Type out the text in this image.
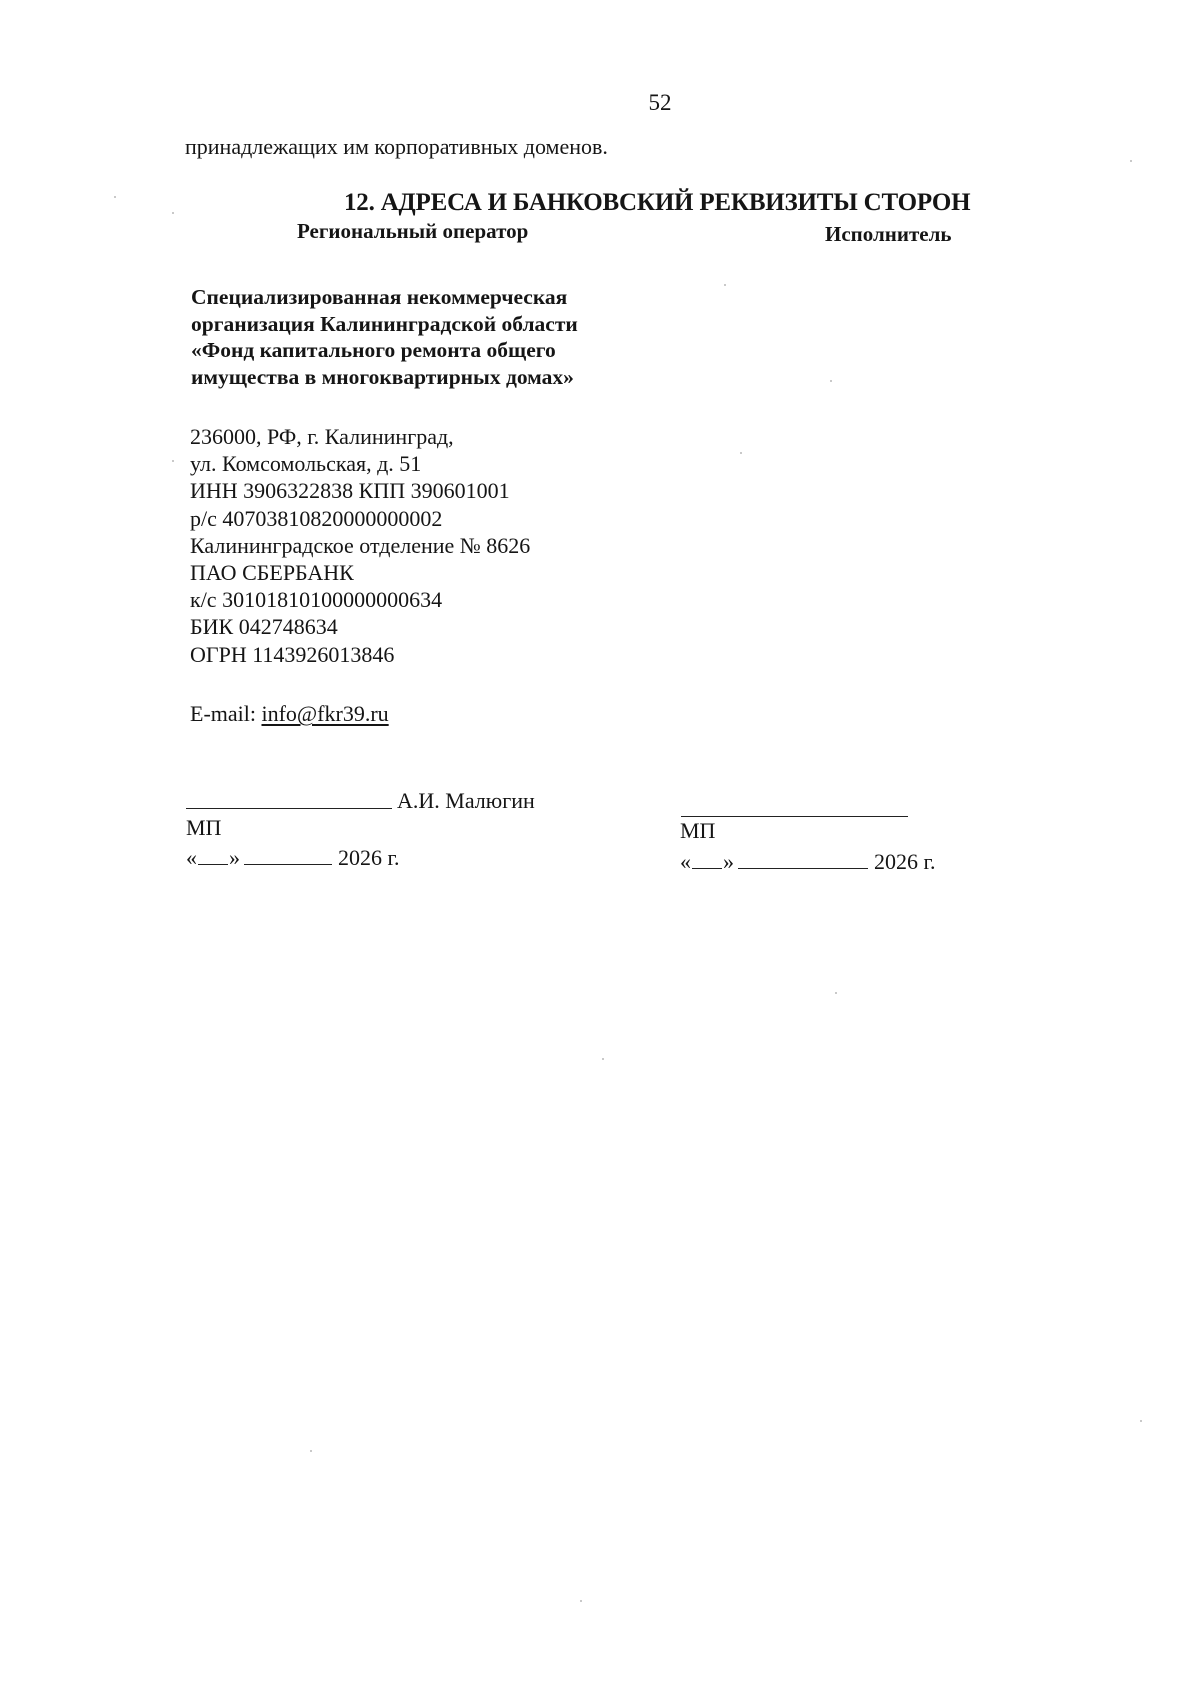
52
принадлежащих им корпоративных доменов.
12. АДРЕСА И БАНКОВСКИЙ РЕКВИЗИТЫ СТОРОН
Региональный оператор	Исполнитель
Специализированная некоммерческая
организация Калининградской области
«Фонд капитального ремонта общего
имущества в многоквартирных домах»
236000, РФ, г. Калининград,
ул. Комсомольская, д. 51
ИНН 3906322838 КПП 390601001
р/с 40703810820000000002
Калининградское отделение № 8626
ПАО СБЕРБАНК
к/с 30101810100000000634
БИК 042748634
ОГРН 1143926013846
E-mail: info@fkr39.ru
А.И. Малюгин
МП
« »	2026 г.
МП
« »	2026 г.
